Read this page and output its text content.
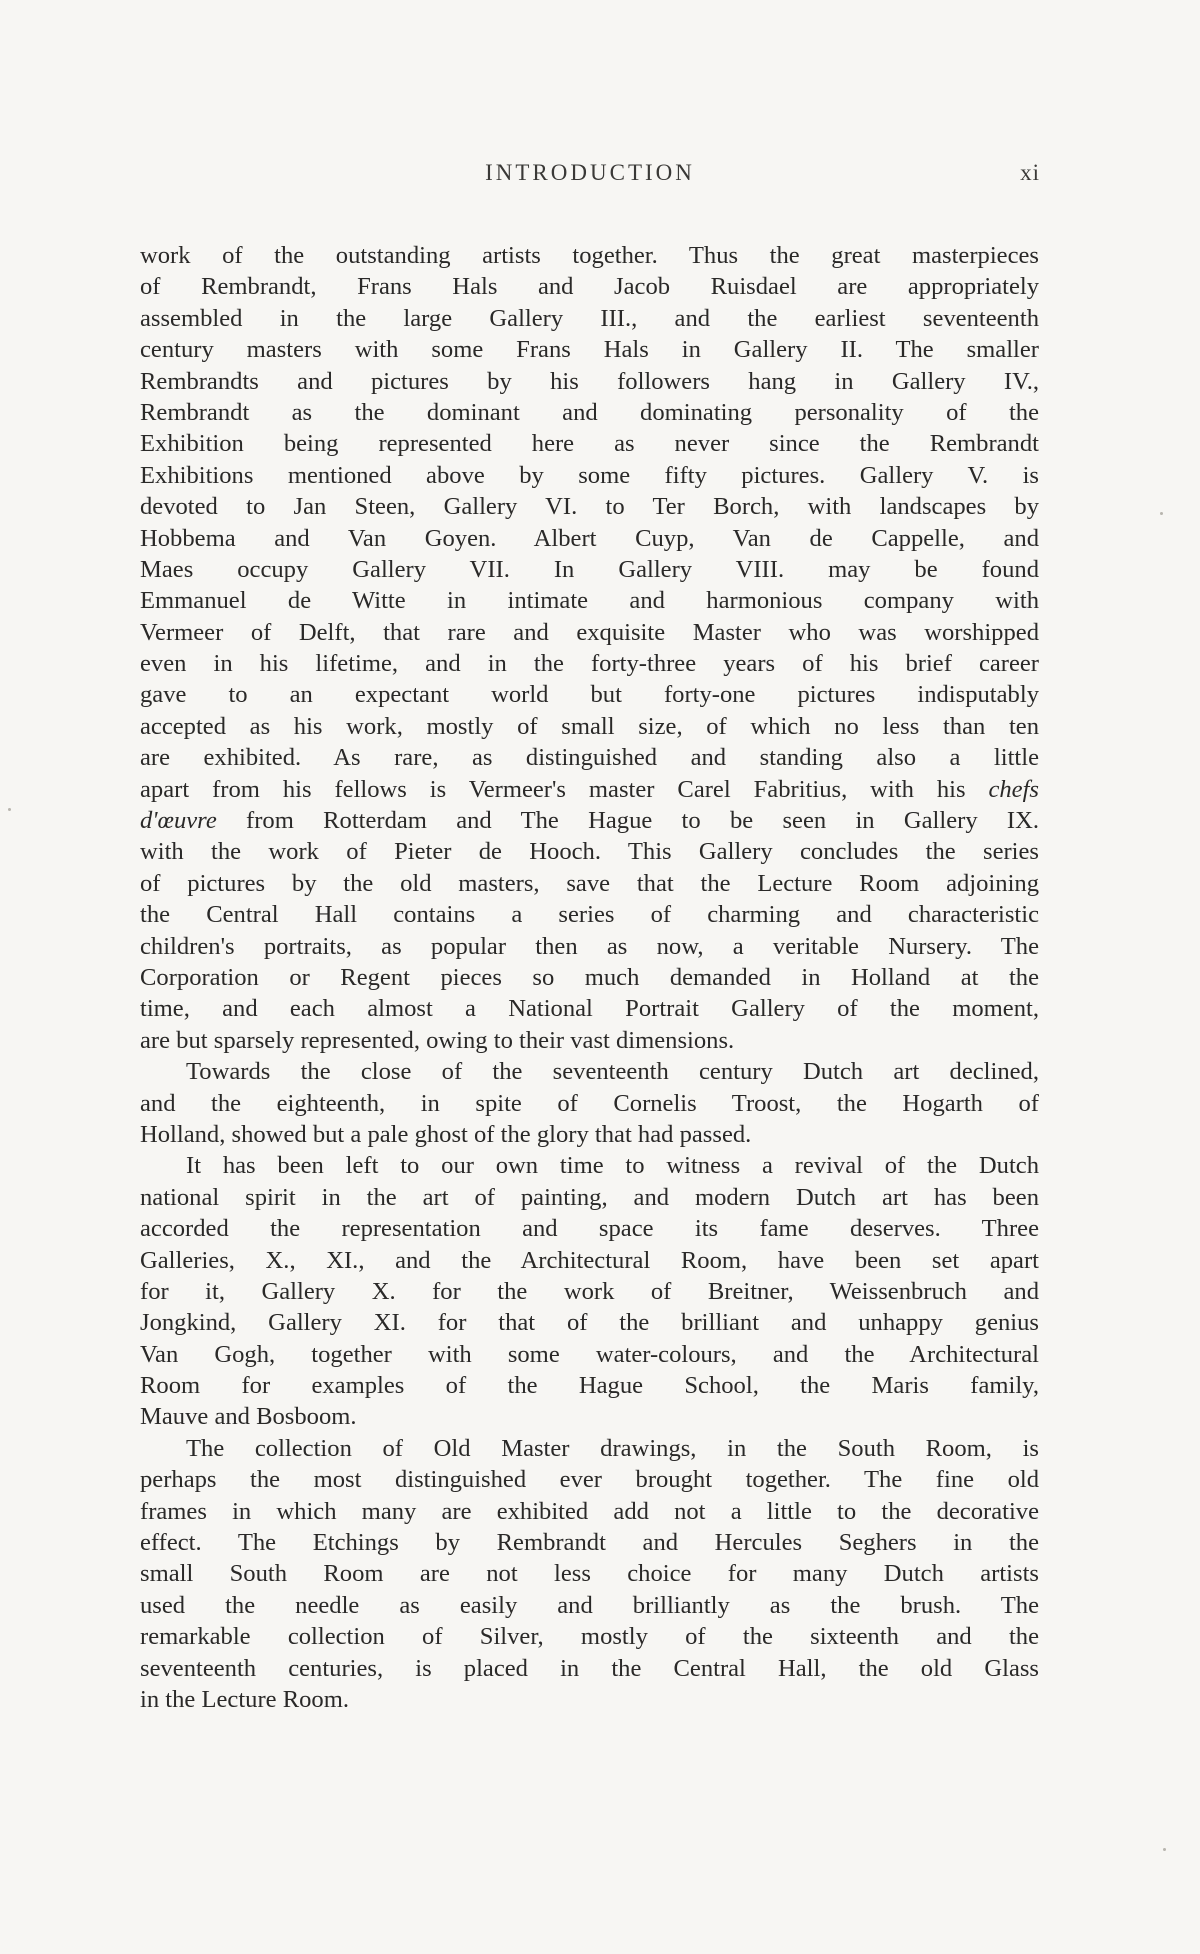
INTRODUCTION	xi
work of the outstanding artists together. Thus the great masterpieces
of Rembrandt, Frans Hals and Jacob Ruisdael are appropriately
assembled in the large Gallery III., and the earliest seventeenth
century masters with some Frans Hals in Gallery II. The smaller
Rembrandts and pictures by his followers hang in Gallery IV.,
Rembrandt as the dominant and dominating personality of the
Exhibition being represented here as never since the Rembrandt
Exhibitions mentioned above by some fifty pictures. Gallery V. is
devoted to Jan Steen, Gallery VI. to Ter Borch, with landscapes by
Hobbema and Van Goyen. Albert Cuyp, Van de Cappelle, and
Maes occupy Gallery VII. In Gallery VIII. may be found
Emmanuel de Witte in intimate and harmonious company with
Vermeer of Delft, that rare and exquisite Master who was worshipped
even in his lifetime, and in the forty-three years of his brief career
gave to an expectant world but forty-one pictures indisputably
accepted as his work, mostly of small size, of which no less than ten
are exhibited. As rare, as distinguished and standing also a little
apart from his fellows is Vermeer's master Carel Fabritius, with his chefs
d'œuvre from Rotterdam and The Hague to be seen in Gallery IX.
with the work of Pieter de Hooch. This Gallery concludes the series
of pictures by the old masters, save that the Lecture Room adjoining
the Central Hall contains a series of charming and characteristic
children's portraits, as popular then as now, a veritable Nursery. The
Corporation or Regent pieces so much demanded in Holland at the
time, and each almost a National Portrait Gallery of the moment,
are but sparsely represented, owing to their vast dimensions.
Towards the close of the seventeenth century Dutch art declined,
and the eighteenth, in spite of Cornelis Troost, the Hogarth of
Holland, showed but a pale ghost of the glory that had passed.
It has been left to our own time to witness a revival of the Dutch
national spirit in the art of painting, and modern Dutch art has been
accorded the representation and space its fame deserves. Three
Galleries, X., XI., and the Architectural Room, have been set apart
for it, Gallery X. for the work of Breitner, Weissenbruch and
Jongkind, Gallery XI. for that of the brilliant and unhappy genius
Van Gogh, together with some water-colours, and the Architectural
Room for examples of the Hague School, the Maris family,
Mauve and Bosboom.
The collection of Old Master drawings, in the South Room, is
perhaps the most distinguished ever brought together. The fine old
frames in which many are exhibited add not a little to the decorative
effect. The Etchings by Rembrandt and Hercules Seghers in the
small South Room are not less choice for many Dutch artists
used the needle as easily and brilliantly as the brush. The
remarkable collection of Silver, mostly of the sixteenth and the
seventeenth centuries, is placed in the Central Hall, the old Glass
in the Lecture Room.
